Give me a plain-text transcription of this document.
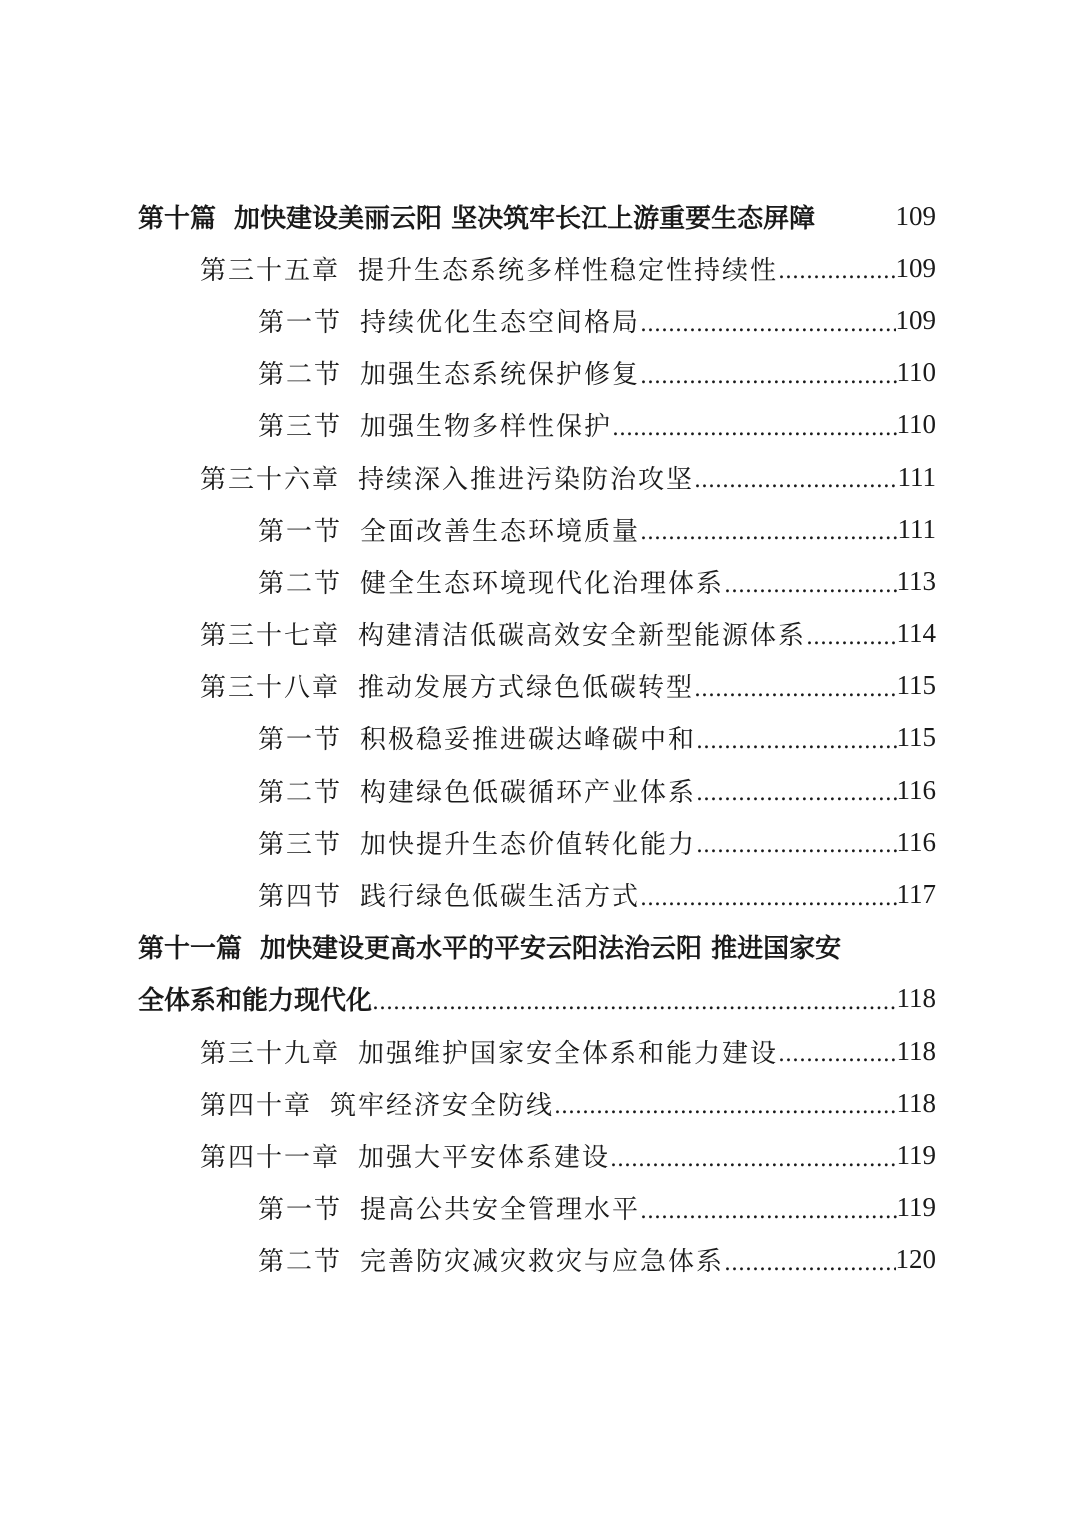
第十篇 加快建设美丽云阳 坚决筑牢长江上游重要生态屏障	109
第三十五章 提升生态系统多样性稳定性持续性 .....	109
第一节 持续优化生态空间格局 .....	109
第二节 加强生态系统保护修复 .....	110
第三节 加强生物多样性保护 .....	110
第三十六章 持续深入推进污染防治攻坚 .....	111
第一节 全面改善生态环境质量 .....	111
第二节 健全生态环境现代化治理体系 .....	113
第三十七章 构建清洁低碳高效安全新型能源体系 .....	114
第三十八章 推动发展方式绿色低碳转型 .....	115
第一节 积极稳妥推进碳达峰碳中和 .....	115
第二节 构建绿色低碳循环产业体系 .....	116
第三节 加快提升生态价值转化能力 .....	116
第四节 践行绿色低碳生活方式 .....	117
第十一篇 加快建设更高水平的平安云阳法治云阳 推进国家安
全体系和能力现代化 .....	118
第三十九章 加强维护国家安全体系和能力建设 .....	118
第四十章 筑牢经济安全防线 .....	118
第四十一章 加强大平安体系建设 .....	119
第一节 提高公共安全管理水平 .....	119
第二节 完善防灾减灾救灾与应急体系 .....	120
